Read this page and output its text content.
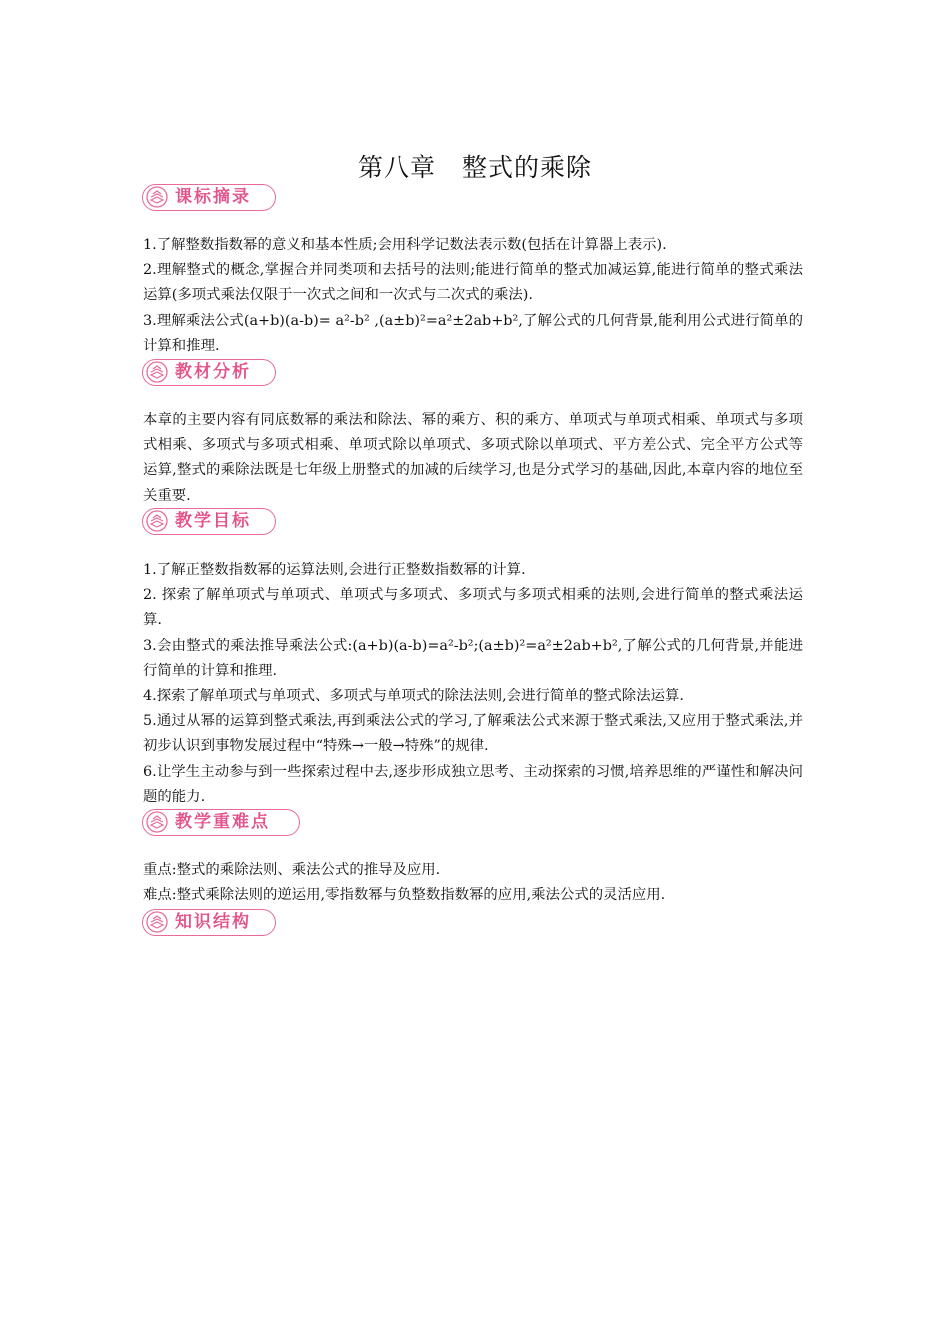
第八章　整式的乘除
课标摘录

1.了解整数指数幂的意义和基本性质;会用科学记数法表示数(包括在计算器上表示).

2.理解整式的概念,掌握合并同类项和去括号的法则;能进行简单的整式加减运算,能进行简单的整式乘法运算(多项式乘法仅限于一次式之间和一次式与二次式的乘法).

3.理解乘法公式(a+b)(a-b)= a²-b² ,(a±b)²=a²±2ab+b²,了解公式的几何背景,能利用公式进行简单的计算和推理.

教材分析

本章的主要内容有同底数幂的乘法和除法、幂的乘方、积的乘方、单项式与单项式相乘、单项式与多项式相乘、多项式与多项式相乘、单项式除以单项式、多项式除以单项式、平方差公式、完全平方公式等运算,整式的乘除法既是七年级上册整式的加减的后续学习,也是分式学习的基础,因此,本章内容的地位至关重要.

教学目标

1.了解正整数指数幂的运算法则,会进行正整数指数幂的计算.

2. 探索了解单项式与单项式、单项式与多项式、多项式与多项式相乘的法则,会进行简单的整式乘法运算.

3.会由整式的乘法推导乘法公式:(a+b)(a-b)=a²-b²;(a±b)²=a²±2ab+b²,了解公式的几何背景,并能进行简单的计算和推理.

4.探索了解单项式与单项式、多项式与单项式的除法法则,会进行简单的整式除法运算.

5.通过从幂的运算到整式乘法,再到乘法公式的学习,了解乘法公式来源于整式乘法,又应用于整式乘法,并初步认识到事物发展过程中“特殊→一般→特殊”的规律.

6.让学生主动参与到一些探索过程中去,逐步形成独立思考、主动探索的习惯,培养思维的严谨性和解决问题的能力.

教学重难点

重点:整式的乘除法则、乘法公式的推导及应用.

难点:整式乘除法则的逆运用,零指数幂与负整数指数幂的应用,乘法公式的灵活应用.

知识结构
